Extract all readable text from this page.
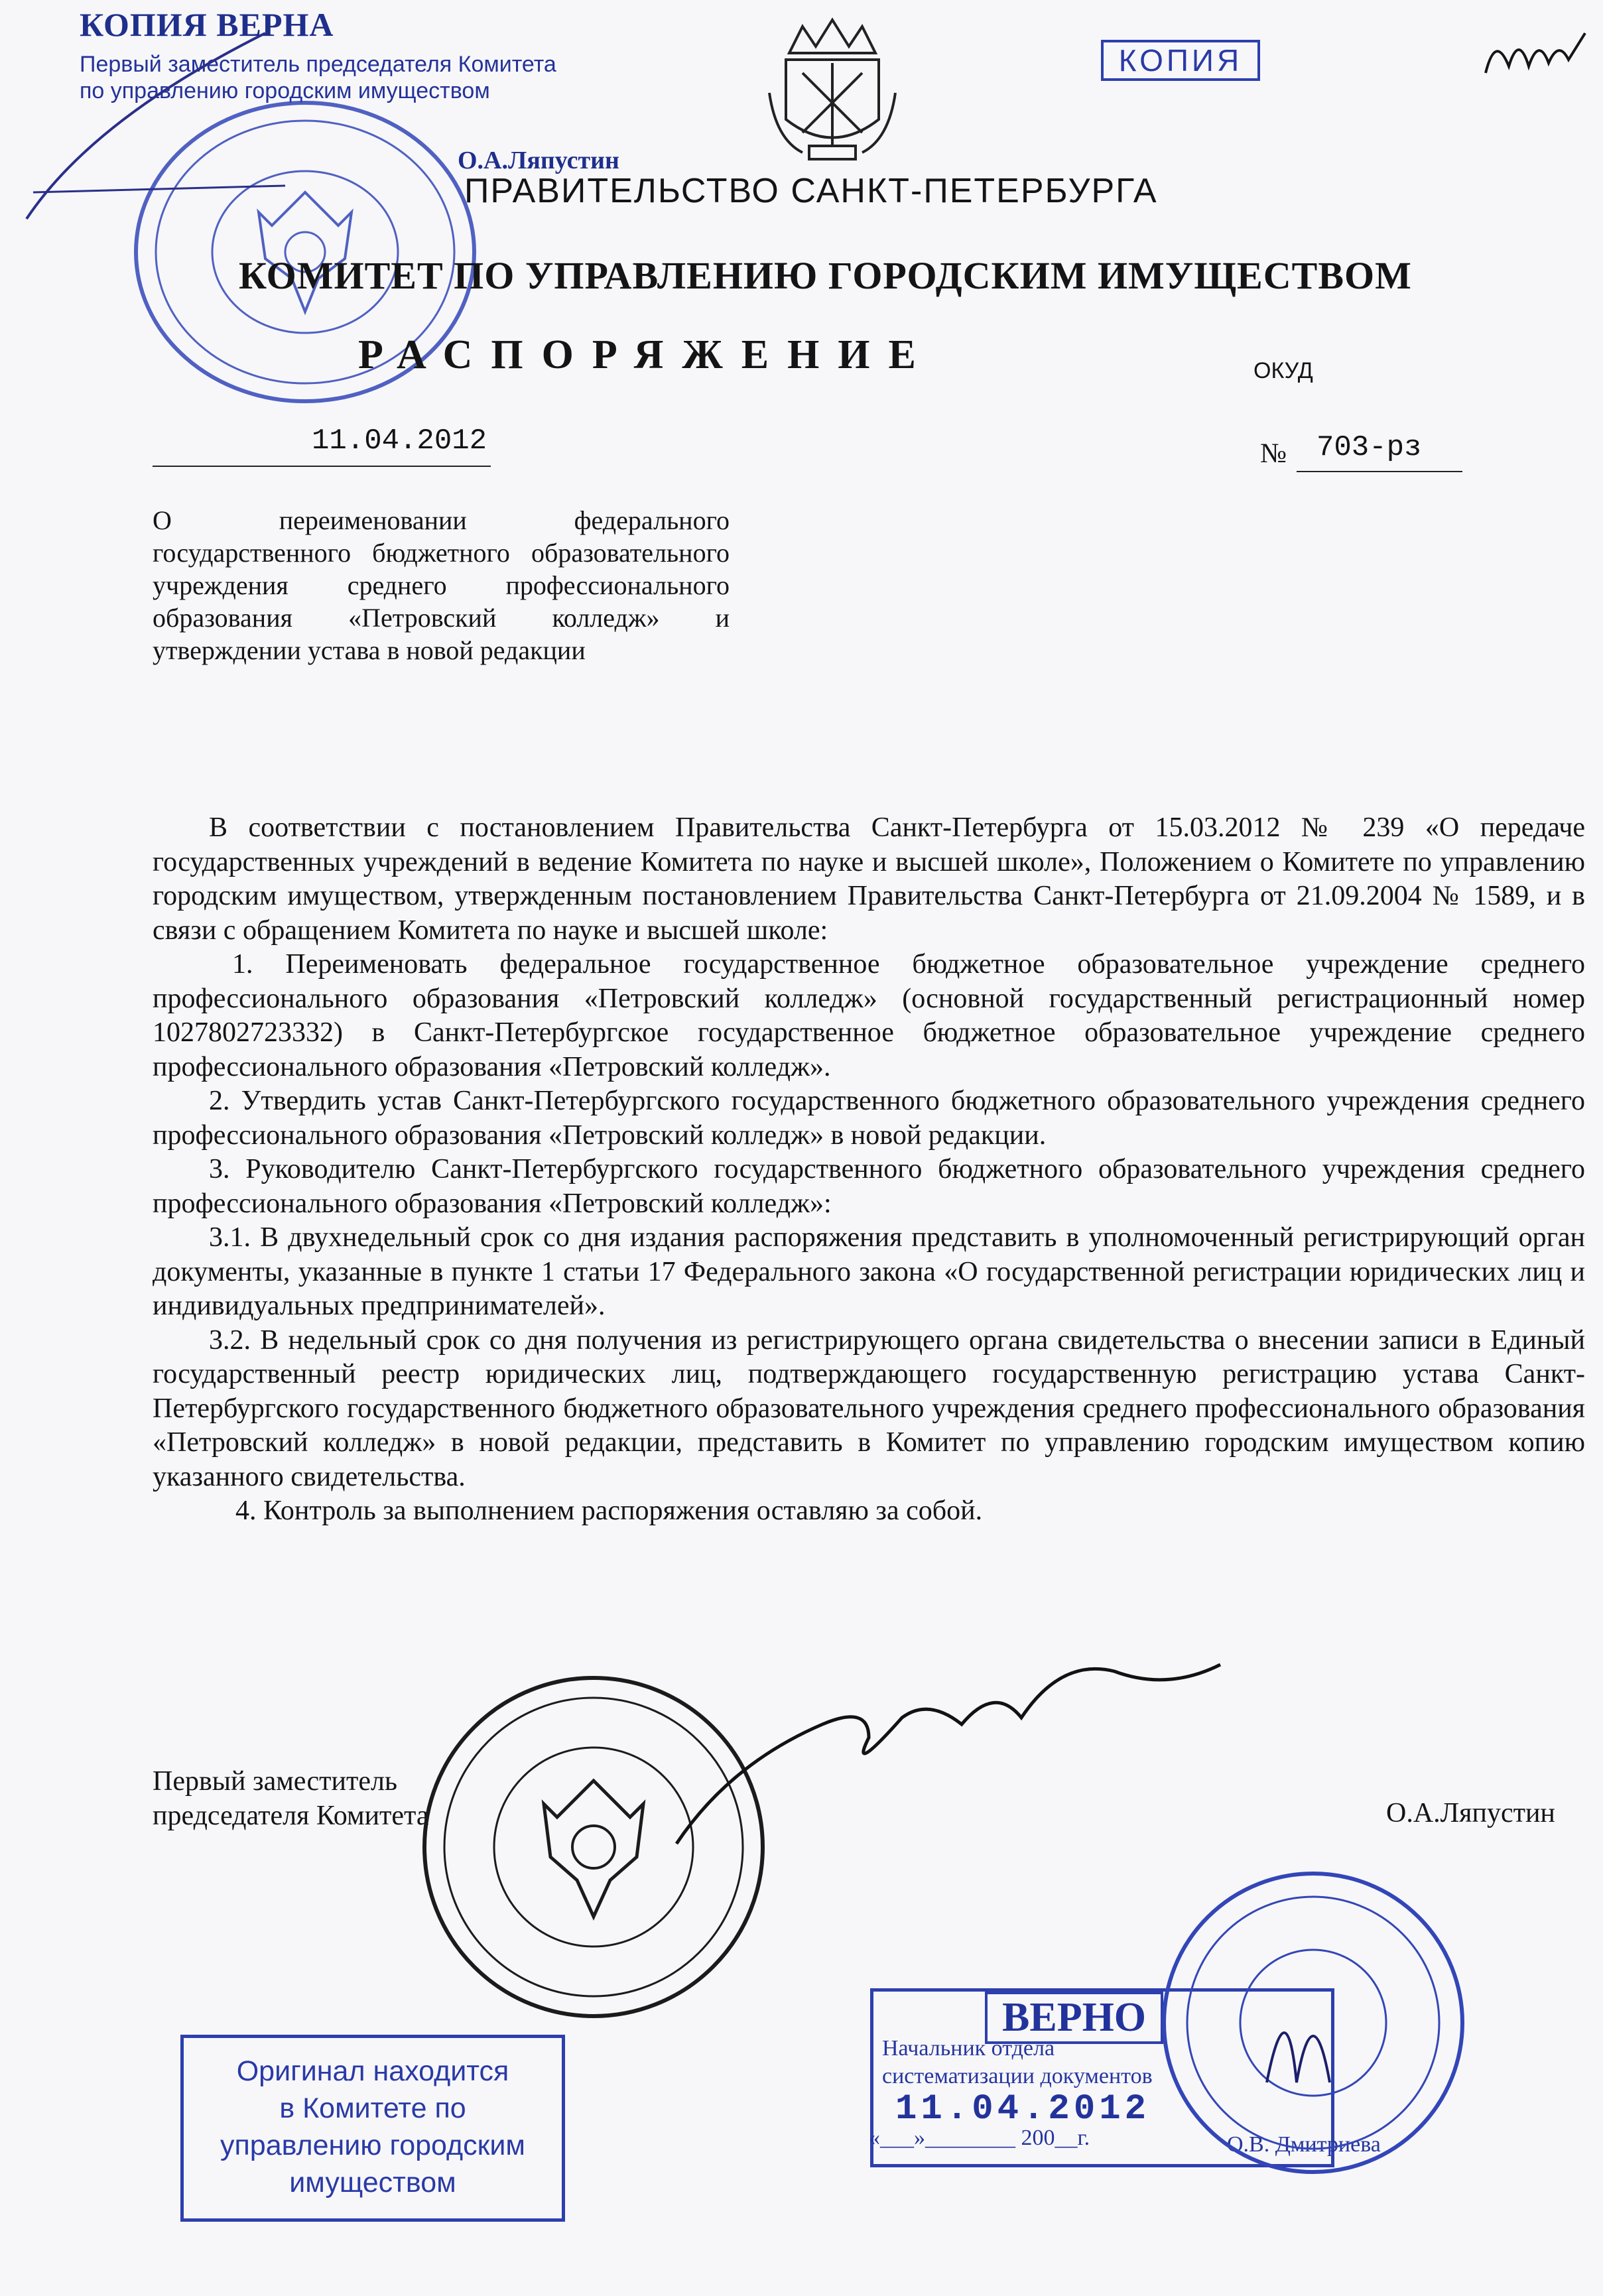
КОПИЯ ВЕРНА
Первый заместитель председателя Комитета
по управлению городским имуществом
О.А.Ляпустин
КОПИЯ
ПРАВИТЕЛЬСТВО САНКТ-ПЕТЕРБУРГА
КОМИТЕТ ПО УПРАВЛЕНИЮ ГОРОДСКИМ ИМУЩЕСТВОМ
РАСПОРЯЖЕНИЕ	ОКУД
11.04.2012	№ 703-рз
О переименовании федерального государственного бюджетного образовательного учреждения среднего профессионального образования «Петровский колледж» и утверждении устава в новой редакции

В соответствии с постановлением Правительства Санкт-Петербурга от 15.03.2012 № 239 «О передаче государственных учреждений в ведение Комитета по науке и высшей школе», Положением о Комитете по управлению городским имуществом, утвержденным постановлением Правительства Санкт-Петербурга от 21.09.2004 № 1589, и в связи с обращением Комитета по науке и высшей школе:

1. Переименовать федеральное государственное бюджетное образовательное учреждение среднего профессионального образования «Петровский колледж» (основной государственный регистрационный номер 1027802723332) в Санкт-Петербургское государственное бюджетное образовательное учреждение среднего профессионального образования «Петровский колледж».

2. Утвердить устав Санкт-Петербургского государственного бюджетного образовательного учреждения среднего профессионального образования «Петровский колледж» в новой редакции.

3. Руководителю Санкт-Петербургского государственного бюджетного образовательного учреждения среднего профессионального образования «Петровский колледж»:

3.1. В двухнедельный срок со дня издания распоряжения представить в уполномоченный регистрирующий орган документы, указанные в пункте 1 статьи 17 Федерального закона «О государственной регистрации юридических лиц и индивидуальных предпринимателей».

3.2. В недельный срок со дня получения из регистрирующего органа свидетельства о внесении записи в Единый государственный реестр юридических лиц, подтверждающего государственную регистрацию устава Санкт-Петербургского государственного бюджетного образовательного учреждения среднего профессионального образования «Петровский колледж» в новой редакции, представить в Комитет по управлению городским имуществом копию указанного свидетельства.

4. Контроль за выполнением распоряжения оставляю за собой.

Первый заместитель
председателя Комитета	О.А.Ляпустин
Оригинал находится
в Комитете по
управлению городским
имуществом
ВЕРНО
Начальник отдела
систематизации документов
11.04.2012
«___»________ 200__г.	О.В. Дмитриева
